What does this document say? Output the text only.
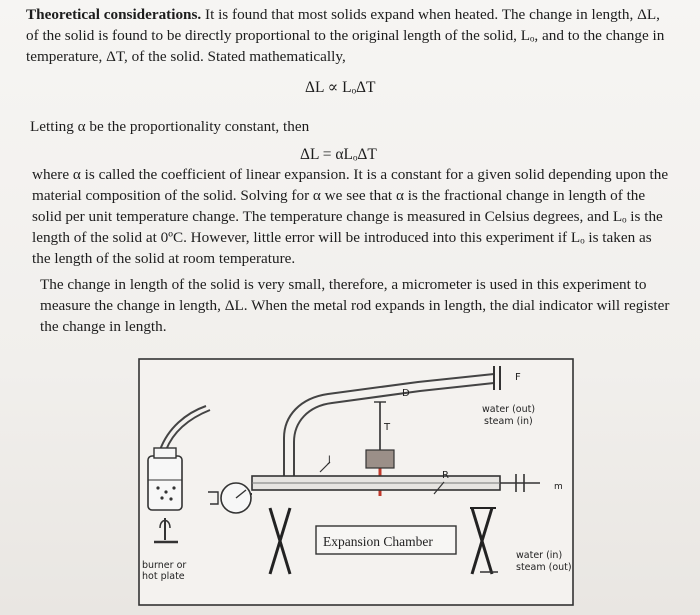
Theoretical considerations. It is found that most solids expand when heated. The change in length, ΔL, of the solid is found to be directly proportional to the original length of the solid, Lₒ, and to the change in temperature, ΔT, of the solid. Stated mathematically,
ΔL ∝ LₒΔT
Letting α be the proportionality constant, then
ΔL = αLₒΔT
where α is called the coefficient of linear expansion. It is a constant for a given solid depending upon the material composition of the solid. Solving for α we see that α is the fractional change in length of the solid per unit temperature change. The temperature change is measured in Celsius degrees, and Lₒ is the length of the solid at 0ºC. However, little error will be introduced into this experiment if Lₒ is taken as the length of the solid at room temperature.
The change in length of the solid is very small, therefore, a micrometer is used in this experiment to measure the change in length, ΔL. When the metal rod expands in length, the dial indicator will register the change in length.
burner or
hot plate
F
D
water (out)
steam (in)
T
J
R
m
Expansion Chamber
water (in)
steam (out)
